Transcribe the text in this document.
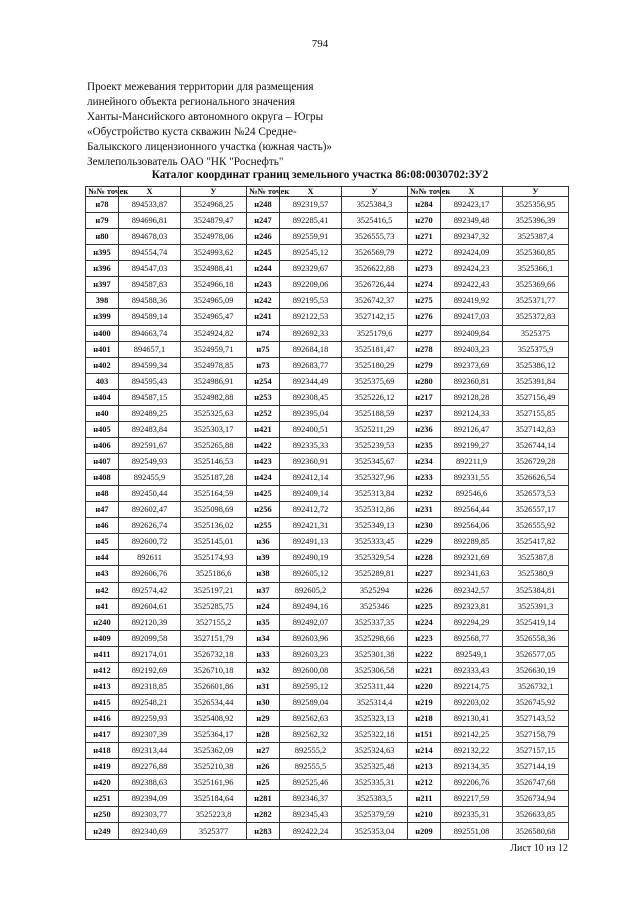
794
Проект межевания территории для размещения
линейного объекта регионального значения
Ханты-Мансийского автономного округа – Югры
«Обустройство куста скважин №24 Средне-
Балыкского лицензионного участка (южная часть)»
Землепользователь ОАО "НК "Роснефть"
Каталог координат границ земельного участка 86:08:0030702:ЗУ2
№№ точек	X	У	№№ точек	X	У	№№ точек	X	У
н78	894533,87	3524968,25	н248	892319,57	3525384,3	н284	892423,17	3525356,95
н79	894696,81	3524879,47	н247	892285,41	3525416,5	н270	892349,48	3525396,39
н80	894678,03	3524978,06	н246	892559,91	3526555,73	н271	892347,32	3525387,4
н395	894554,74	3524993,62	н245	892545,12	3526569,79	н272	892424,09	3525360,85
н396	894547,03	3524988,41	н244	892329,67	3526622,88	н273	892424,23	3525366,1
н397	894587,83	3524966,18	н243	892209,06	3526726,44	н274	892422,43	3525369,66
398	894588,36	3524965,09	н242	892195,53	3526742,37	н275	892419,92	3525371,77
н399	894589,14	3524965,47	н241	892122,53	3527142,15	н276	892417,03	3525372,83
н400	894663,74	3524924,82	н74	892692,33	3525179,6	н277	892409,84	3525375
н401	894657,1	3524959,71	н75	892684,18	3525181,47	н278	892403,23	3525375,9
н402	894599,34	3524978,85	н73	892683,77	3525180,29	н279	892373,69	3525386,12
403	894595,43	3524986,91	н254	892344,49	3525375,69	н280	892360,81	3525391,84
н404	894587,15	3524982,88	н253	892308,45	3525226,12	н217	892128,28	3527156,49
н40	892489,25	3525325,63	н252	892395,04	3525188,59	н237	892124,33	3527155,85
н405	892483,84	3525303,17	н421	892400,51	3525211,29	н236	892126,47	3527142,83
н406	892591,67	3525265,88	н422	892335,33	3525239,53	н235	892199,27	3526744,14
н407	892549,93	3525146,53	н423	892360,91	3525345,67	н234	892211,9	3526729,28
н408	892455,9	3525187,28	н424	892412,14	3525327,96	н233	892331,55	3526626,54
н48	892450,44	3525164,59	н425	892409,14	3525313,84	н232	892546,6	3526573,53
н47	892602,47	3525098,69	н256	892412,72	3525312,86	н231	892564,44	3526557,17
н46	892626,74	3525136,02	н255	892421,31	3525349,13	н230	892564,06	3526555,92
н45	892600,72	3525145,01	н36	892491,13	3525333,45	н229	892289,85	3525417,82
н44	892611	3525174,93	н39	892490,19	3525329,54	н228	892321,69	3525387,8
н43	892606,76	3525186,6	н38	892605,12	3525289,81	н227	892341,63	3525380,9
н42	892574,42	3525197,21	н37	892605,2	3525294	н226	892342,57	3525384,81
н41	892604,61	3525285,75	н24	892494,16	3525346	н225	892323,81	3525391,3
н240	892120,39	3527155,2	н35	892492,07	3525337,35	н224	892294,29	3525419,14
н409	892099,58	3527151,79	н34	892603,96	3525298,66	н223	892568,77	3526558,36
н411	892174,01	3526732,18	н33	892603,23	3525301,38	н222	892549,1	3526577,05
н412	892192,69	3526710,18	н32	892600,08	3525306,58	н221	892333,43	3526630,19
н413	892318,85	3526601,86	н31	892595,12	3525311,44	н220	892214,75	3526732,1
н415	892548,21	3526534,44	н30	892589,04	3525314,4	н219	892203,02	3526745,92
н416	892259,93	3525408,92	н29	892562,63	3525323,13	н218	892130,41	3527143,52
н417	892307,39	3525364,17	н28	892562,32	3525322,18	н151	892142,25	3527158,79
н418	892313,44	3525362,09	н27	892555,2	3525324,63	н214	892132,22	3527157,15
н419	892276,88	3525210,38	н26	892555,5	3525325,48	н213	892134,35	3527144,19
н420	892388,63	3525161,96	н25	892525,46	3525335,31	н212	892206,76	3526747,68
н251	892394,09	3525184,64	н281	892346,37	3525383,5	н211	892217,59	3526734,94
н250	892303,77	3525223,8	н282	892345,43	3525379,59	н210	892335,31	3526633,85
н249	892340,69	3525377	н283	892422,24	3525353,04	н209	892551,08	3526580,68
Лист 10 из 12
